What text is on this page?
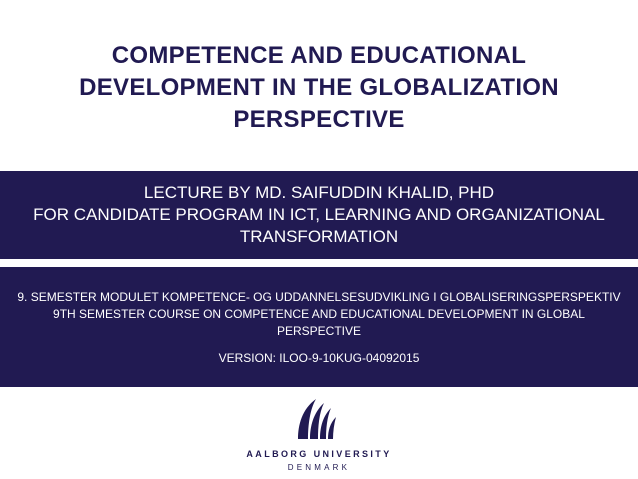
COMPETENCE AND EDUCATIONAL
DEVELOPMENT IN THE GLOBALIZATION
PERSPECTIVE
LECTURE BY MD. SAIFUDDIN KHALID, PHD
FOR CANDIDATE PROGRAM IN ICT, LEARNING AND ORGANIZATIONAL
TRANSFORMATION
9. SEMESTER MODULET KOMPETENCE- OG UDDANNELSESUDVIKLING I GLOBALISERINGSPERSPEKTIV
9TH SEMESTER COURSE ON COMPETENCE AND EDUCATIONAL DEVELOPMENT IN GLOBAL
PERSPECTIVE
VERSION: ILOO-9-10KUG-04092015
AALBORG UNIVERSITY
DENMARK
